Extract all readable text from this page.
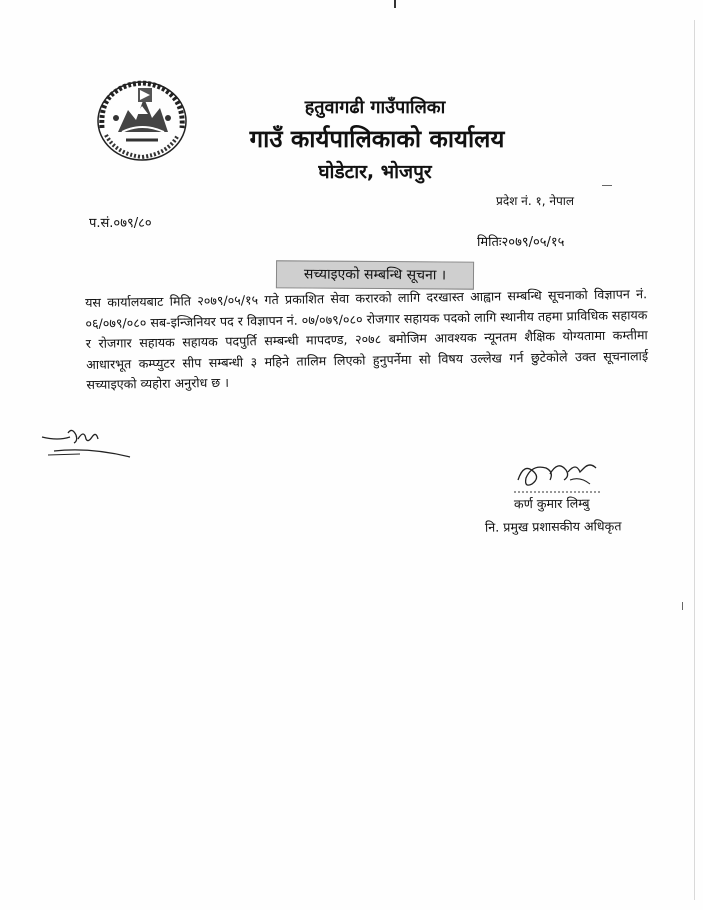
हतुवागढी गाउँपालिका
गाउँ कार्यपालिकाको कार्यालय
घोडेटार, भोजपुर
प्रदेश नं. १, नेपाल
प.सं.०७९/८०
मितिः२०७९/०५/१५
सच्याइएको सम्बन्धि सूचना ।
यस कार्यालयबाट मिति २०७९/०५/१५ गते प्रकाशित सेवा करारको लागि दरखास्त आह्वान सम्बन्धि सूचनाको विज्ञापन नं. ०६/०७९/०८० सब-इन्जिनियर पद र विज्ञापन नं. ०७/०७९/०८० रोजगार सहायक पदको लागि स्थानीय तहमा प्राविधिक सहायक र रोजगार सहायक सहायक पदपुर्ति सम्बन्धी मापदण्ड, २०७८ बमोजिम आवश्यक न्यूनतम शैक्षिक योग्यतामा कम्तीमा आधारभूत कम्प्युटर सीप सम्बन्धी ३ महिने तालिम लिएको हुनुपर्नेमा सो विषय उल्लेख गर्न छुटेकोले उक्त सूचनालाई सच्याइएको व्यहोरा अनुरोध छ ।
कर्ण कुमार लिम्बु
नि. प्रमुख प्रशासकीय अधिकृत
